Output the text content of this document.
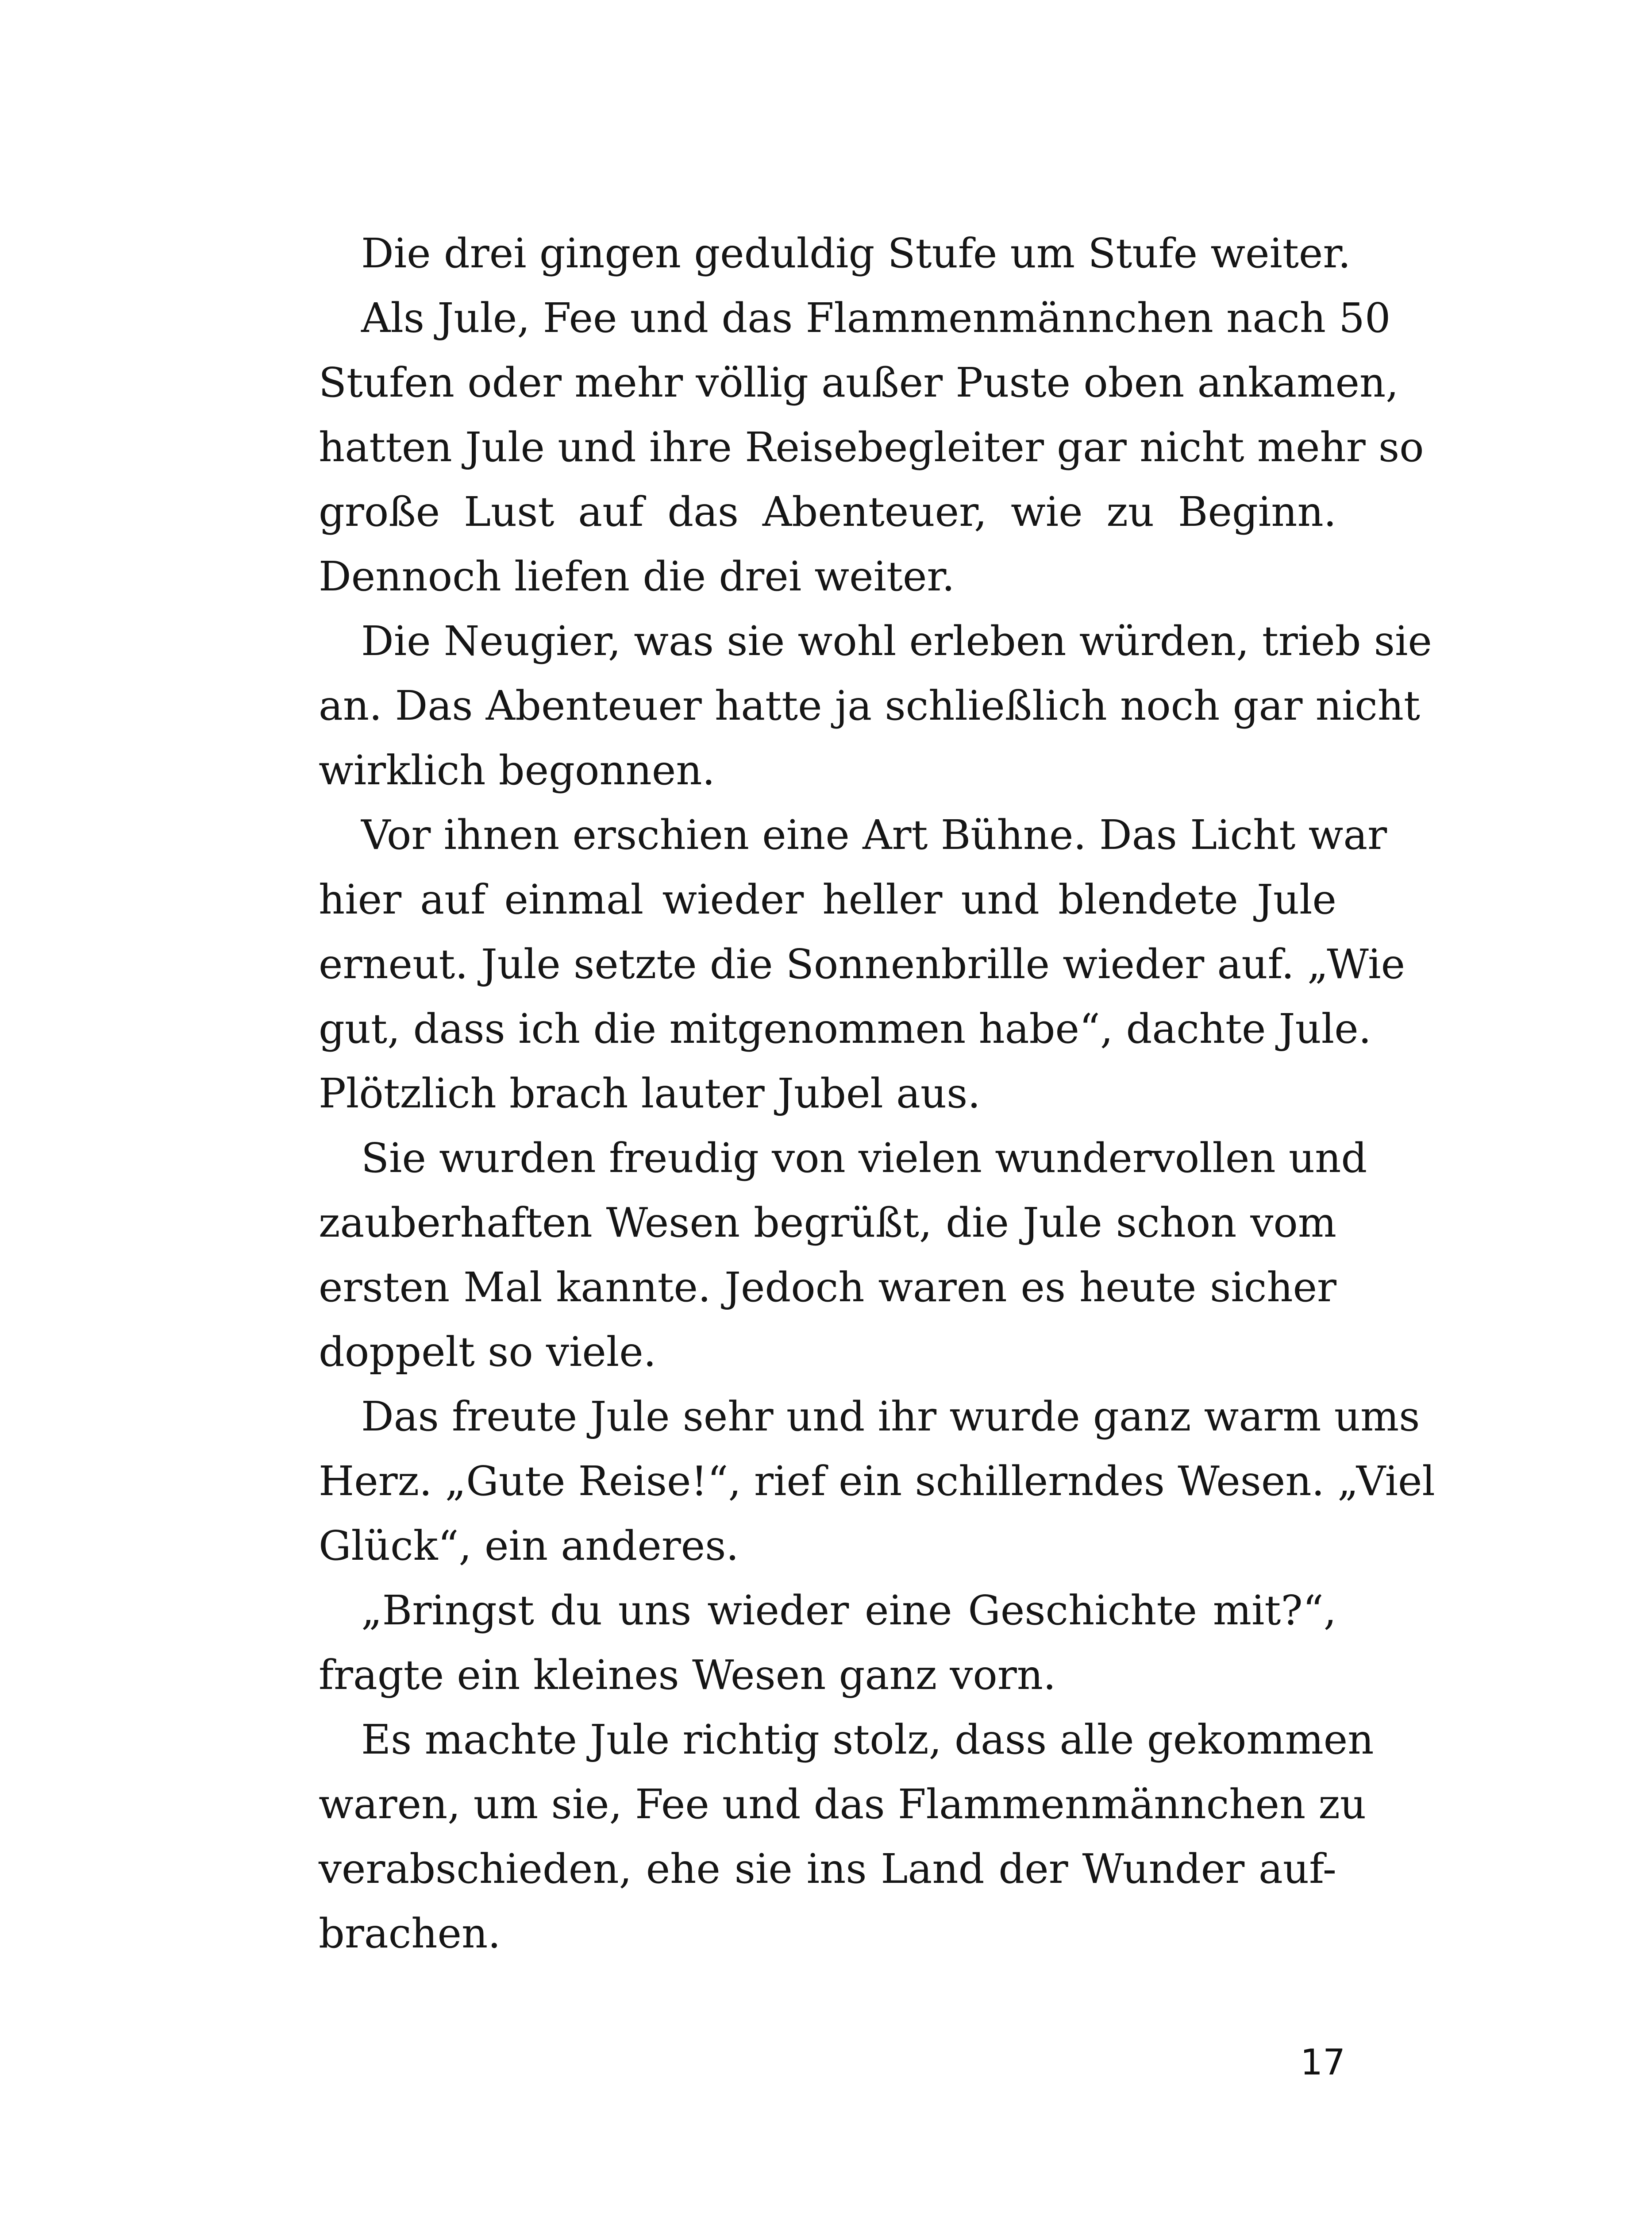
Die drei gingen geduldig Stufe um Stufe weiter.
Als Jule, Fee und das Flammenmännchen nach 50
Stufen oder mehr völlig außer Puste oben ankamen,
hatten Jule und ihre Reisebegleiter gar nicht mehr so
große Lust auf das Abenteuer, wie zu Beginn.
Dennoch liefen die drei weiter.
Die Neugier, was sie wohl erleben würden, trieb sie
an. Das Abenteuer hatte ja schließlich noch gar nicht
wirklich begonnen.
Vor ihnen erschien eine Art Bühne. Das Licht war
hier auf einmal wieder heller und blendete Jule
erneut. Jule setzte die Sonnenbrille wieder auf. „Wie
gut, dass ich die mitgenommen habe“, dachte Jule.
Plötzlich brach lauter Jubel aus.
Sie wurden freudig von vielen wundervollen und
zauberhaften Wesen begrüßt, die Jule schon vom
ersten Mal kannte. Jedoch waren es heute sicher
doppelt so viele.
Das freute Jule sehr und ihr wurde ganz warm ums
Herz. „Gute Reise!“, rief ein schillerndes Wesen. „Viel
Glück“, ein anderes.
„Bringst du uns wieder eine Geschichte mit?“,
fragte ein kleines Wesen ganz vorn.
Es machte Jule richtig stolz, dass alle gekommen
waren, um sie, Fee und das Flammenmännchen zu
verabschieden, ehe sie ins Land der Wunder auf-
brachen.
17
